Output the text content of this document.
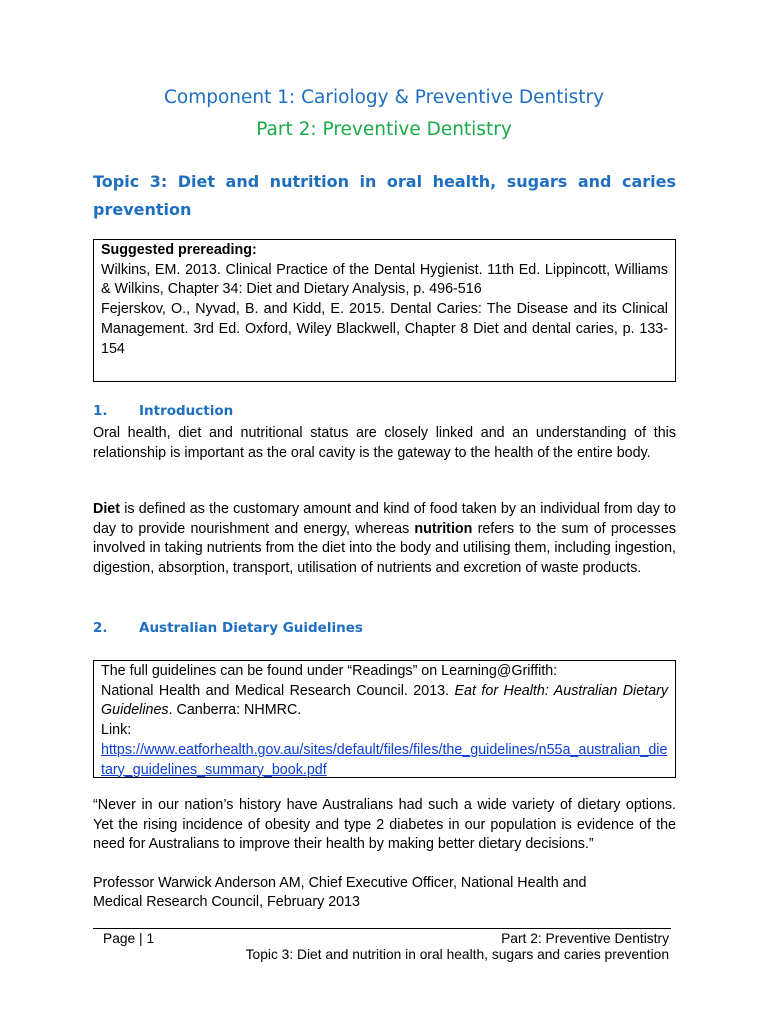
Component 1: Cariology & Preventive Dentistry
Part 2: Preventive Dentistry
Topic 3: Diet and nutrition in oral health, sugars and caries prevention
Suggested prereading:
Wilkins, EM. 2013. Clinical Practice of the Dental Hygienist. 11th Ed. Lippincott, Williams & Wilkins, Chapter 34: Diet and Dietary Analysis, p. 496-516
Fejerskov, O., Nyvad, B. and Kidd, E. 2015. Dental Caries: The Disease and its Clinical Management. 3rd Ed. Oxford, Wiley Blackwell, Chapter 8 Diet and dental caries, p. 133-154
1. Introduction
Oral health, diet and nutritional status are closely linked and an understanding of this relationship is important as the oral cavity is the gateway to the health of the entire body.
Diet is defined as the customary amount and kind of food taken by an individual from day to day to provide nourishment and energy, whereas nutrition refers to the sum of processes involved in taking nutrients from the diet into the body and utilising them, including ingestion, digestion, absorption, transport, utilisation of nutrients and excretion of waste products.
2. Australian Dietary Guidelines
The full guidelines can be found under “Readings” on Learning@Griffith:
National Health and Medical Research Council. 2013. Eat for Health: Australian Dietary Guidelines. Canberra: NHMRC.
Link:
https://www.eatforhealth.gov.au/sites/default/files/files/the_guidelines/n55a_australian_dietary_guidelines_summary_book.pdf
“Never in our nation’s history have Australians had such a wide variety of dietary options. Yet the rising incidence of obesity and type 2 diabetes in our population is evidence of the need for Australians to improve their health by making better dietary decisions.”
Professor Warwick Anderson AM, Chief Executive Officer, National Health and
Medical Research Council, February 2013
Page | 1	Part 2: Preventive Dentistry
Topic 3: Diet and nutrition in oral health, sugars and caries prevention
